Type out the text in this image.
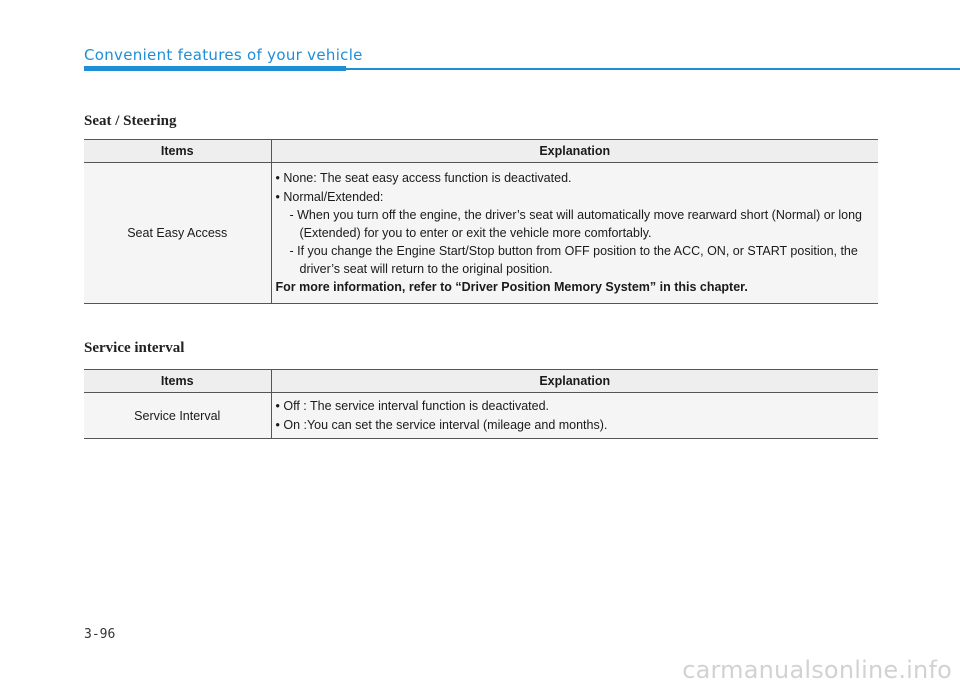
Convenient features of your vehicle
Seat / Steering
Items	Explanation
Seat Easy Access	• None: The seat easy access function is deactivated.
• Normal/Extended:
- When you turn off the engine, the driver’s seat will automatically move rearward short (Normal) or long (Extended) for you to enter or exit the vehicle more comfortably.
- If you change the Engine Start/Stop button from OFF position to the ACC, ON, or START position, the driver’s seat will return to the original position.
For more information, refer to “Driver Position Memory System” in this chapter.
Service interval
Items	Explanation
Service Interval	• Off : The service interval function is deactivated.
• On :You can set the service interval (mileage and months).
3-96
carmanualsonline.info
